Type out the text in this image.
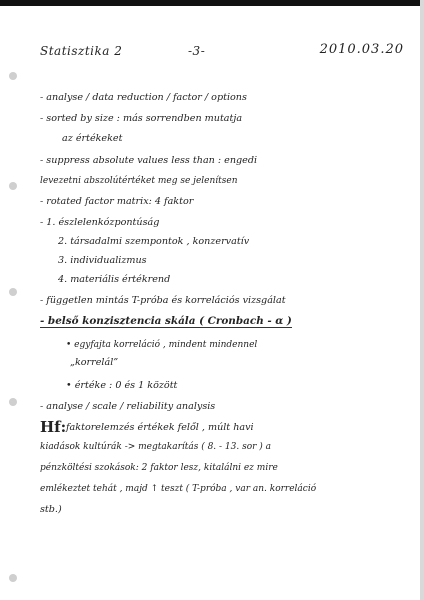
Statisztika 2	-3-	2010.03.20
- analyse / data reduction / factor / options
- sorted by size : más sorrendben mutatja
az értékeket
- suppress absolute values less than : engedi
levezetni abszolútértéket meg se jelenítsen
- rotated factor matrix: 4 faktor
- 1. észlelenkózpontúság
2. társadalmi szempontok , konzervatív
3. individualizmus
4. materiális értékrend
- független mintás T-próba és korrelációs vizsgálat
- belső konzisztencia skála ( Cronbach - α )
• egyfajta korreláció , mindent mindennel
„korrelál”
• értéke : 0 és 1 között
- analyse / scale / reliability analysis
Hf: faktorelemzés értékek felől , múlt havi
kiadások kultúrák -> megtakarítás ( 8. - 13. sor ) a
pénzköltési szokások: 2 faktor lesz, kitalálni ez mire
emlékeztet tehát , majd ↑ teszt ( T-próba , var an. korreláció
stb.)
